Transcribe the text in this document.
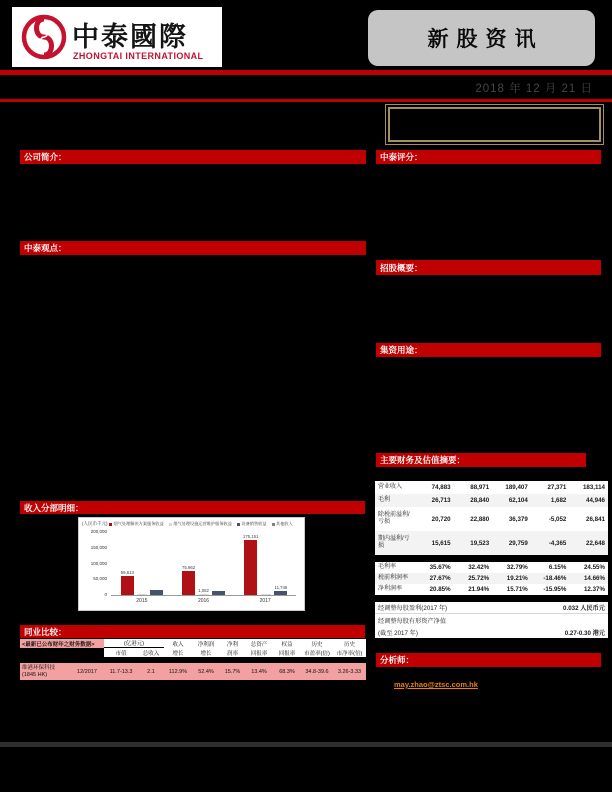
中泰國際
ZHONGTAI INTERNATIONAL
新股资讯
2018 年 12 月 21 日
公司简介：	中泰评分：
中泰观点：
招股概要：
集资用途：
主要财务及估值摘要：
收入分部明细：
同业比较：
分析师：
营业收入	74,883	88,971	189,407	27,371	183,114
毛利	26,713	28,840	62,104	1,682	44,946
除税前溢利/亏损	20,720	22,880	36,379	-5,052	26,841
期内溢利/亏损	15,615	19,523	29,759	-4,365	22,648
毛利率	35.67%	32.42%	32.79%	6.15%	24.55%
税前利润率	27.67%	25.72%	19.21%	-18.46%	14.66%
净利润率	20.85%	21.94%	15.71%	-15.95%	12.37%
经调整每股盈利(2017 年)	0.032 人民币元
经调整每股有形资产净值
(截至 2017 年)	0.27-0.30 港元
(人民币千元)	烟气处理解决方案服务收益	烟气处理设施运营维护服务收益	设备销售收益	其他收入
0
50,000
100,000
150,000
200,000
59,613
2015
75,962
1,052
2016
175,151
11,745
2017
<最新已公布财年之财务数据>	(亿港元)	收入	净利润	净利	总资产	权益	历史	历史
市值	总收入	增长	增长	润率	回报率	回报率	市盈率(倍)	市净率(倍)
维港环保科技
(1845 HK)	12/2017	11.7-13.3	2.1	112.9%	52.4%	15.7%	13.4%	68.3%	34.8-39.6	3.26-3.33
may.zhao@ztsc.com.hk
